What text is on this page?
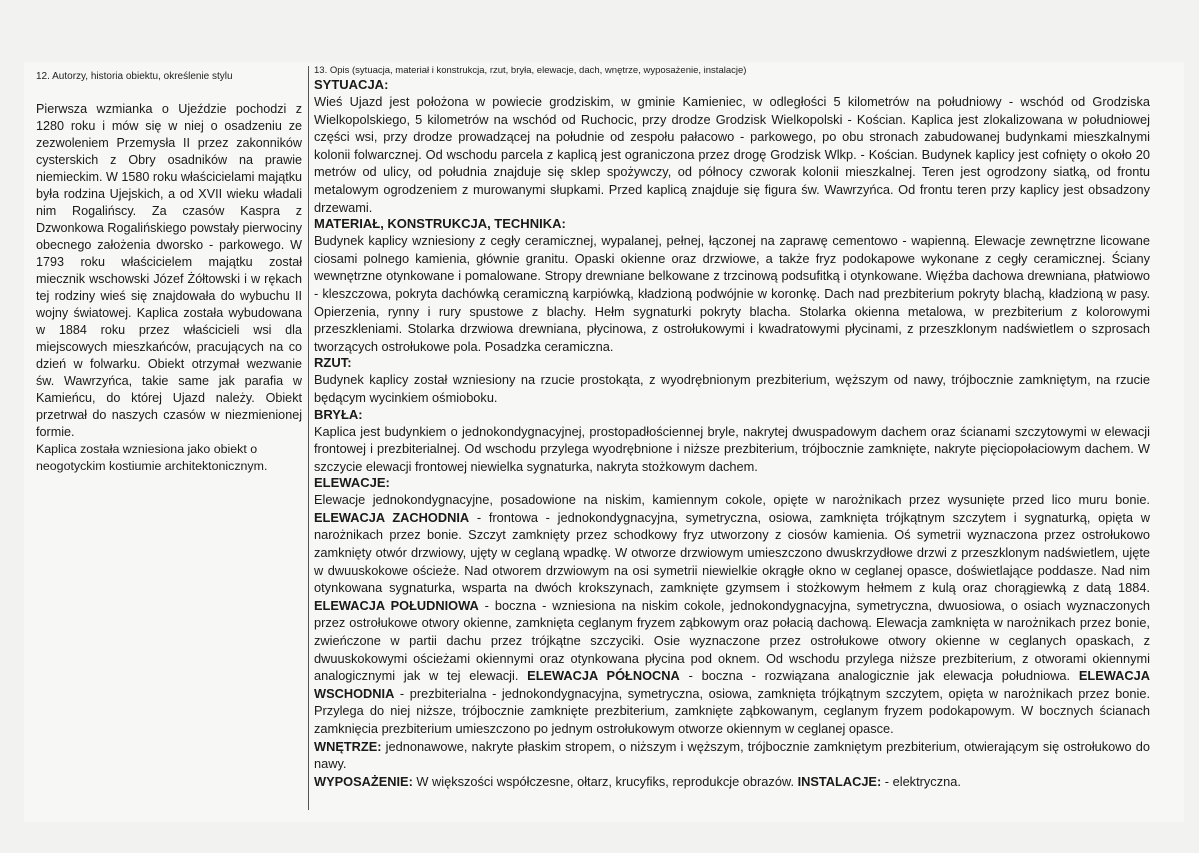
12. Autorzy, historia obiektu, określenie stylu

Pierwsza wzmianka o Ujeździe pochodzi z 1280 roku i mów się w niej o osadzeniu ze zezwoleniem Przemysła II przez zakonników cysterskich z Obry osadników na prawie niemieckim. W 1580 roku właścicielami majątku była rodzina Ujejskich, a od XVII wieku władali nim Rogalińscy. Za czasów Kaspra z Dzwonkowa Rogalińskiego powstały pierwociny obecnego założenia dworsko - parkowego. W 1793 roku właścicielem majątku został miecznik wschowski Józef Żółtowski i w rękach tej rodziny wieś się znajdowała do wybuchu II wojny światowej. Kaplica została wybudowana w 1884 roku przez właścicieli wsi dla miejscowych mieszkańców, pracujących na co dzień w folwarku. Obiekt otrzymał wezwanie św. Wawrzyńca, takie same jak parafia w Kamieńcu, do której Ujazd należy. Obiekt przetrwał do naszych czasów w niezmienionej formie.

Kaplica została wzniesiona jako obiekt o neogotyckim kostiumie architektonicznym.

13. Opis (sytuacja, materiał i konstrukcja, rzut, bryła, elewacje, dach, wnętrze, wyposażenie, instalacje)

SYTUACJA:

Wieś Ujazd jest położona w powiecie grodziskim, w gminie Kamieniec, w odległości 5 kilometrów na południowy - wschód od Grodziska Wielkopolskiego, 5 kilometrów na wschód od Ruchocic, przy drodze Grodzisk Wielkopolski - Kościan. Kaplica jest zlokalizowana w południowej części wsi, przy drodze prowadzącej na południe od zespołu pałacowo - parkowego, po obu stronach zabudowanej budynkami mieszkalnymi kolonii folwarcznej. Od wschodu parcela z kaplicą jest ograniczona przez drogę Grodzisk Wlkp. - Kościan. Budynek kaplicy jest cofnięty o około 20 metrów od ulicy, od południa znajduje się sklep spożywczy, od północy czworak kolonii mieszkalnej. Teren jest ogrodzony siatką, od frontu metalowym ogrodzeniem z murowanymi słupkami. Przed kaplicą znajduje się figura św. Wawrzyńca. Od frontu teren przy kaplicy jest obsadzony drzewami.

MATERIAŁ, KONSTRUKCJA, TECHNIKA:

Budynek kaplicy wzniesiony z cegły ceramicznej, wypalanej, pełnej, łączonej na zaprawę cementowo - wapienną. Elewacje zewnętrzne licowane ciosami polnego kamienia, głównie granitu. Opaski okienne oraz drzwiowe, a także fryz podokapowe wykonane z cegły ceramicznej. Ściany wewnętrzne otynkowane i pomalowane. Stropy drewniane belkowane z trzcinową podsufitką i otynkowane. Więźba dachowa drewniana, płatwiowo - kleszczowa, pokryta dachówką ceramiczną karpiówką, kładzioną podwójnie w koronkę. Dach nad prezbiterium pokryty blachą, kładzioną w pasy. Opierzenia, rynny i rury spustowe z blachy. Hełm sygnaturki pokryty blacha. Stolarka okienna metalowa, w prezbiterium z kolorowymi przeszkleniami. Stolarka drzwiowa drewniana, płycinowa, z ostrołukowymi i kwadratowymi płycinami, z przeszklonym nadświetlem o szprosach tworzących ostrołukowe pola. Posadzka ceramiczna.

RZUT:

Budynek kaplicy został wzniesiony na rzucie prostokąta, z wyodrębnionym prezbiterium, węższym od nawy, trójbocznie zamkniętym, na rzucie będącym wycinkiem ośmioboku.

BRYŁA:

Kaplica jest budynkiem o jednokondygnacyjnej, prostopadłościennej bryle, nakrytej dwuspadowym dachem oraz ścianami szczytowymi w elewacji frontowej i prezbiterialnej. Od wschodu przylega wyodrębnione i niższe prezbiterium, trójbocznie zamknięte, nakryte pięciopołaciowym dachem. W szczycie elewacji frontowej niewielka sygnaturka, nakryta stożkowym dachem.

ELEWACJE:

Elewacje jednokondygnacyjne, posadowione na niskim, kamiennym cokole, opięte w narożnikach przez wysunięte przed lico muru bonie. ELEWACJA ZACHODNIA - frontowa - jednokondygnacyjna, symetryczna, osiowa, zamknięta trójkątnym szczytem i sygnaturką, opięta w narożnikach przez bonie. Szczyt zamknięty przez schodkowy fryz utworzony z ciosów kamienia. Oś symetrii wyznaczona przez ostrołukowo zamknięty otwór drzwiowy, ujęty w ceglaną wpadkę. W otworze drzwiowym umieszczono dwuskrzydłowe drzwi z przeszklonym nadświetlem, ujęte w dwuuskokowe ościeże. Nad otworem drzwiowym na osi symetrii niewielkie okrągłe okno w ceglanej opasce, doświetlające poddasze. Nad nim otynkowana sygnaturka, wsparta na dwóch krokszynach, zamknięte gzymsem i stożkowym hełmem z kulą oraz chorągiewką z datą 1884. ELEWACJA POŁUDNIOWA - boczna - wzniesiona na niskim cokole, jednokondygnacyjna, symetryczna, dwuosiowa, o osiach wyznaczonych przez ostrołukowe otwory okienne, zamknięta ceglanym fryzem ząbkowym oraz połacią dachową. Elewacja zamknięta w narożnikach przez bonie, zwieńczone w partii dachu przez trójkątne szczyciki. Osie wyznaczone przez ostrołukowe otwory okienne w ceglanych opaskach, z dwuuskokowymi ościeżami okiennymi oraz otynkowana płycina pod oknem. Od wschodu przylega niższe prezbiterium, z otworami okiennymi analogicznymi jak w tej elewacji. ELEWACJA PÓŁNOCNA - boczna - rozwiązana analogicznie jak elewacja południowa. ELEWACJA WSCHODNIA - prezbiterialna - jednokondygnacyjna, symetryczna, osiowa, zamknięta trójkątnym szczytem, opięta w narożnikach przez bonie. Przylega do niej niższe, trójbocznie zamknięte prezbiterium, zamknięte ząbkowanym, ceglanym fryzem podokapowym. W bocznych ścianach zamknięcia prezbiterium umieszczono po jednym ostrołukowym otworze okiennym w ceglanej opasce.

WNĘTRZE: jednonawowe, nakryte płaskim stropem, o niższym i węższym, trójbocznie zamkniętym prezbiterium, otwierającym się ostrołukowo do nawy.

WYPOSAŻENIE: W większości współczesne, ołtarz, krucyfiks, reprodukcje obrazów. INSTALACJE: - elektryczna.
